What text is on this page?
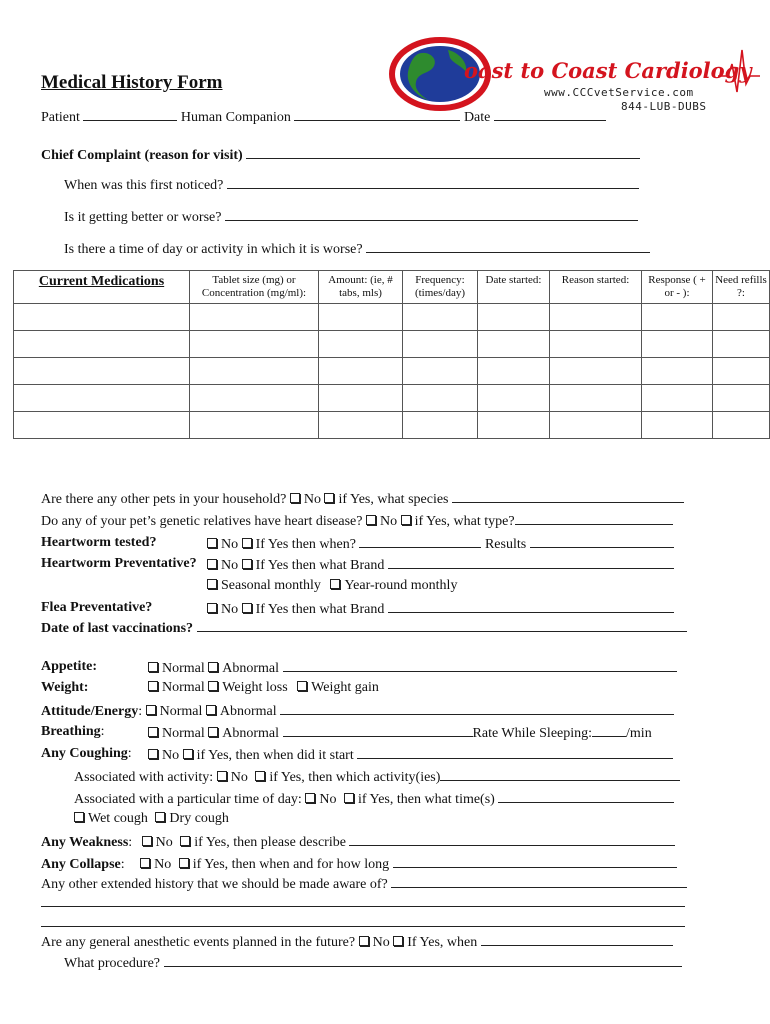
oast to Coast Cardiology
www.CCCvetService.com
844-LUB-DUBS
Medical History Form
Patient	Human Companion	Date
Chief Complaint (reason for visit)
When was this first noticed?
Is it getting better or worse?
Is there a time of day or activity in which it is worse?
Current Medications	Tablet size (mg) or Concentration (mg/ml):	Amount: (ie, # tabs, mls)	Frequency: (times/day)	Date started:	Reason started:	Response ( + or - ):	Need refills ?:

Are there any other pets in your household? No if Yes, what species
Do any of your pet’s genetic relatives have heart disease? No if Yes, what type?
Heartworm tested?	No If Yes then when?	Results
Heartworm Preventative?	No If Yes then what Brand
Seasonal monthly Year-round monthly
Flea Preventative?	No If Yes then what Brand
Date of last vaccinations?
Appetite:	Normal Abnormal
Weight:	Normal Weight loss Weight gain
Attitude/Energy: Normal Abnormal
Breathing:	Normal Abnormal	Rate While Sleeping: /min
Any Coughing:	No if Yes, then when did it start
Associated with activity: No if Yes, then which activity(ies)
Associated with a particular time of day: No if Yes, then what time(s)
Wet cough Dry cough
Any Weakness: No if Yes, then please describe
Any Collapse: No if Yes, then when and for how long
Any other extended history that we should be made aware of?
Are any general anesthetic events planned in the future? No If Yes, when
What procedure?
